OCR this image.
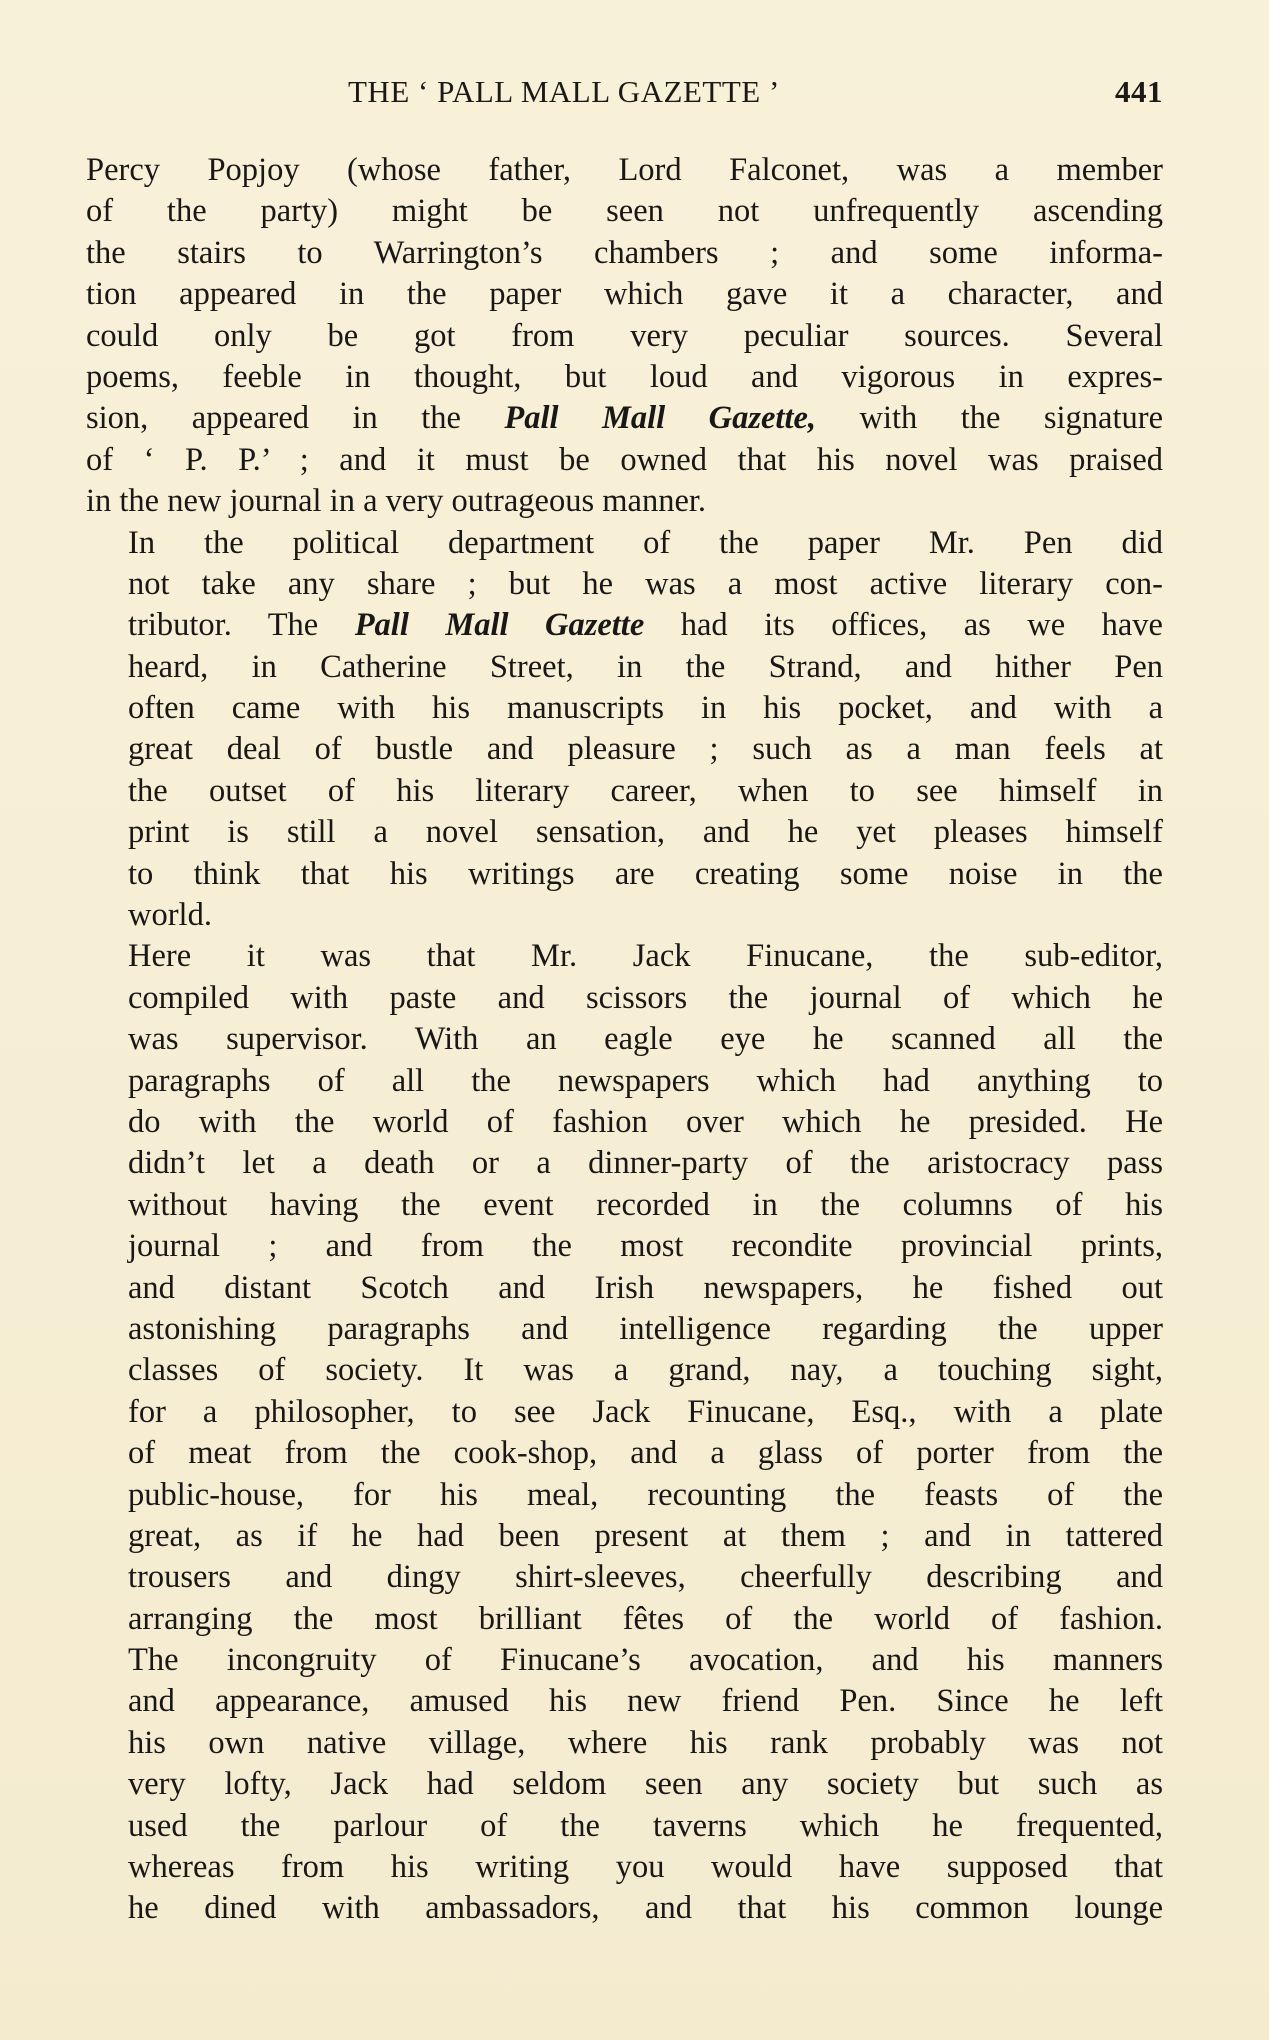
THE ‘ PALL MALL GAZETTE ’	441
Percy Popjoy (whose father, Lord Falconet, was a member
of the party) might be seen not unfrequently ascending
the stairs to Warrington’s chambers ; and some informa-
tion appeared in the paper which gave it a character, and
could only be got from very peculiar sources. Several
poems, feeble in thought, but loud and vigorous in expres-
sion, appeared in the Pall Mall Gazette, with the signature
of ‘ P. P.’ ; and it must be owned that his novel was praised
in the new journal in a very outrageous manner.
In the political department of the paper Mr. Pen did
not take any share ; but he was a most active literary con-
tributor. The Pall Mall Gazette had its offices, as we have
heard, in Catherine Street, in the Strand, and hither Pen
often came with his manuscripts in his pocket, and with a
great deal of bustle and pleasure ; such as a man feels at
the outset of his literary career, when to see himself in
print is still a novel sensation, and he yet pleases himself
to think that his writings are creating some noise in the
world.
Here it was that Mr. Jack Finucane, the sub-editor,
compiled with paste and scissors the journal of which he
was supervisor. With an eagle eye he scanned all the
paragraphs of all the newspapers which had anything to
do with the world of fashion over which he presided. He
didn’t let a death or a dinner-party of the aristocracy pass
without having the event recorded in the columns of his
journal ; and from the most recondite provincial prints,
and distant Scotch and Irish newspapers, he fished out
astonishing paragraphs and intelligence regarding the upper
classes of society. It was a grand, nay, a touching sight,
for a philosopher, to see Jack Finucane, Esq., with a plate
of meat from the cook-shop, and a glass of porter from the
public-house, for his meal, recounting the feasts of the
great, as if he had been present at them ; and in tattered
trousers and dingy shirt-sleeves, cheerfully describing and
arranging the most brilliant fêtes of the world of fashion.
The incongruity of Finucane’s avocation, and his manners
and appearance, amused his new friend Pen. Since he left
his own native village, where his rank probably was not
very lofty, Jack had seldom seen any society but such as
used the parlour of the taverns which he frequented,
whereas from his writing you would have supposed that
he dined with ambassadors, and that his common lounge
